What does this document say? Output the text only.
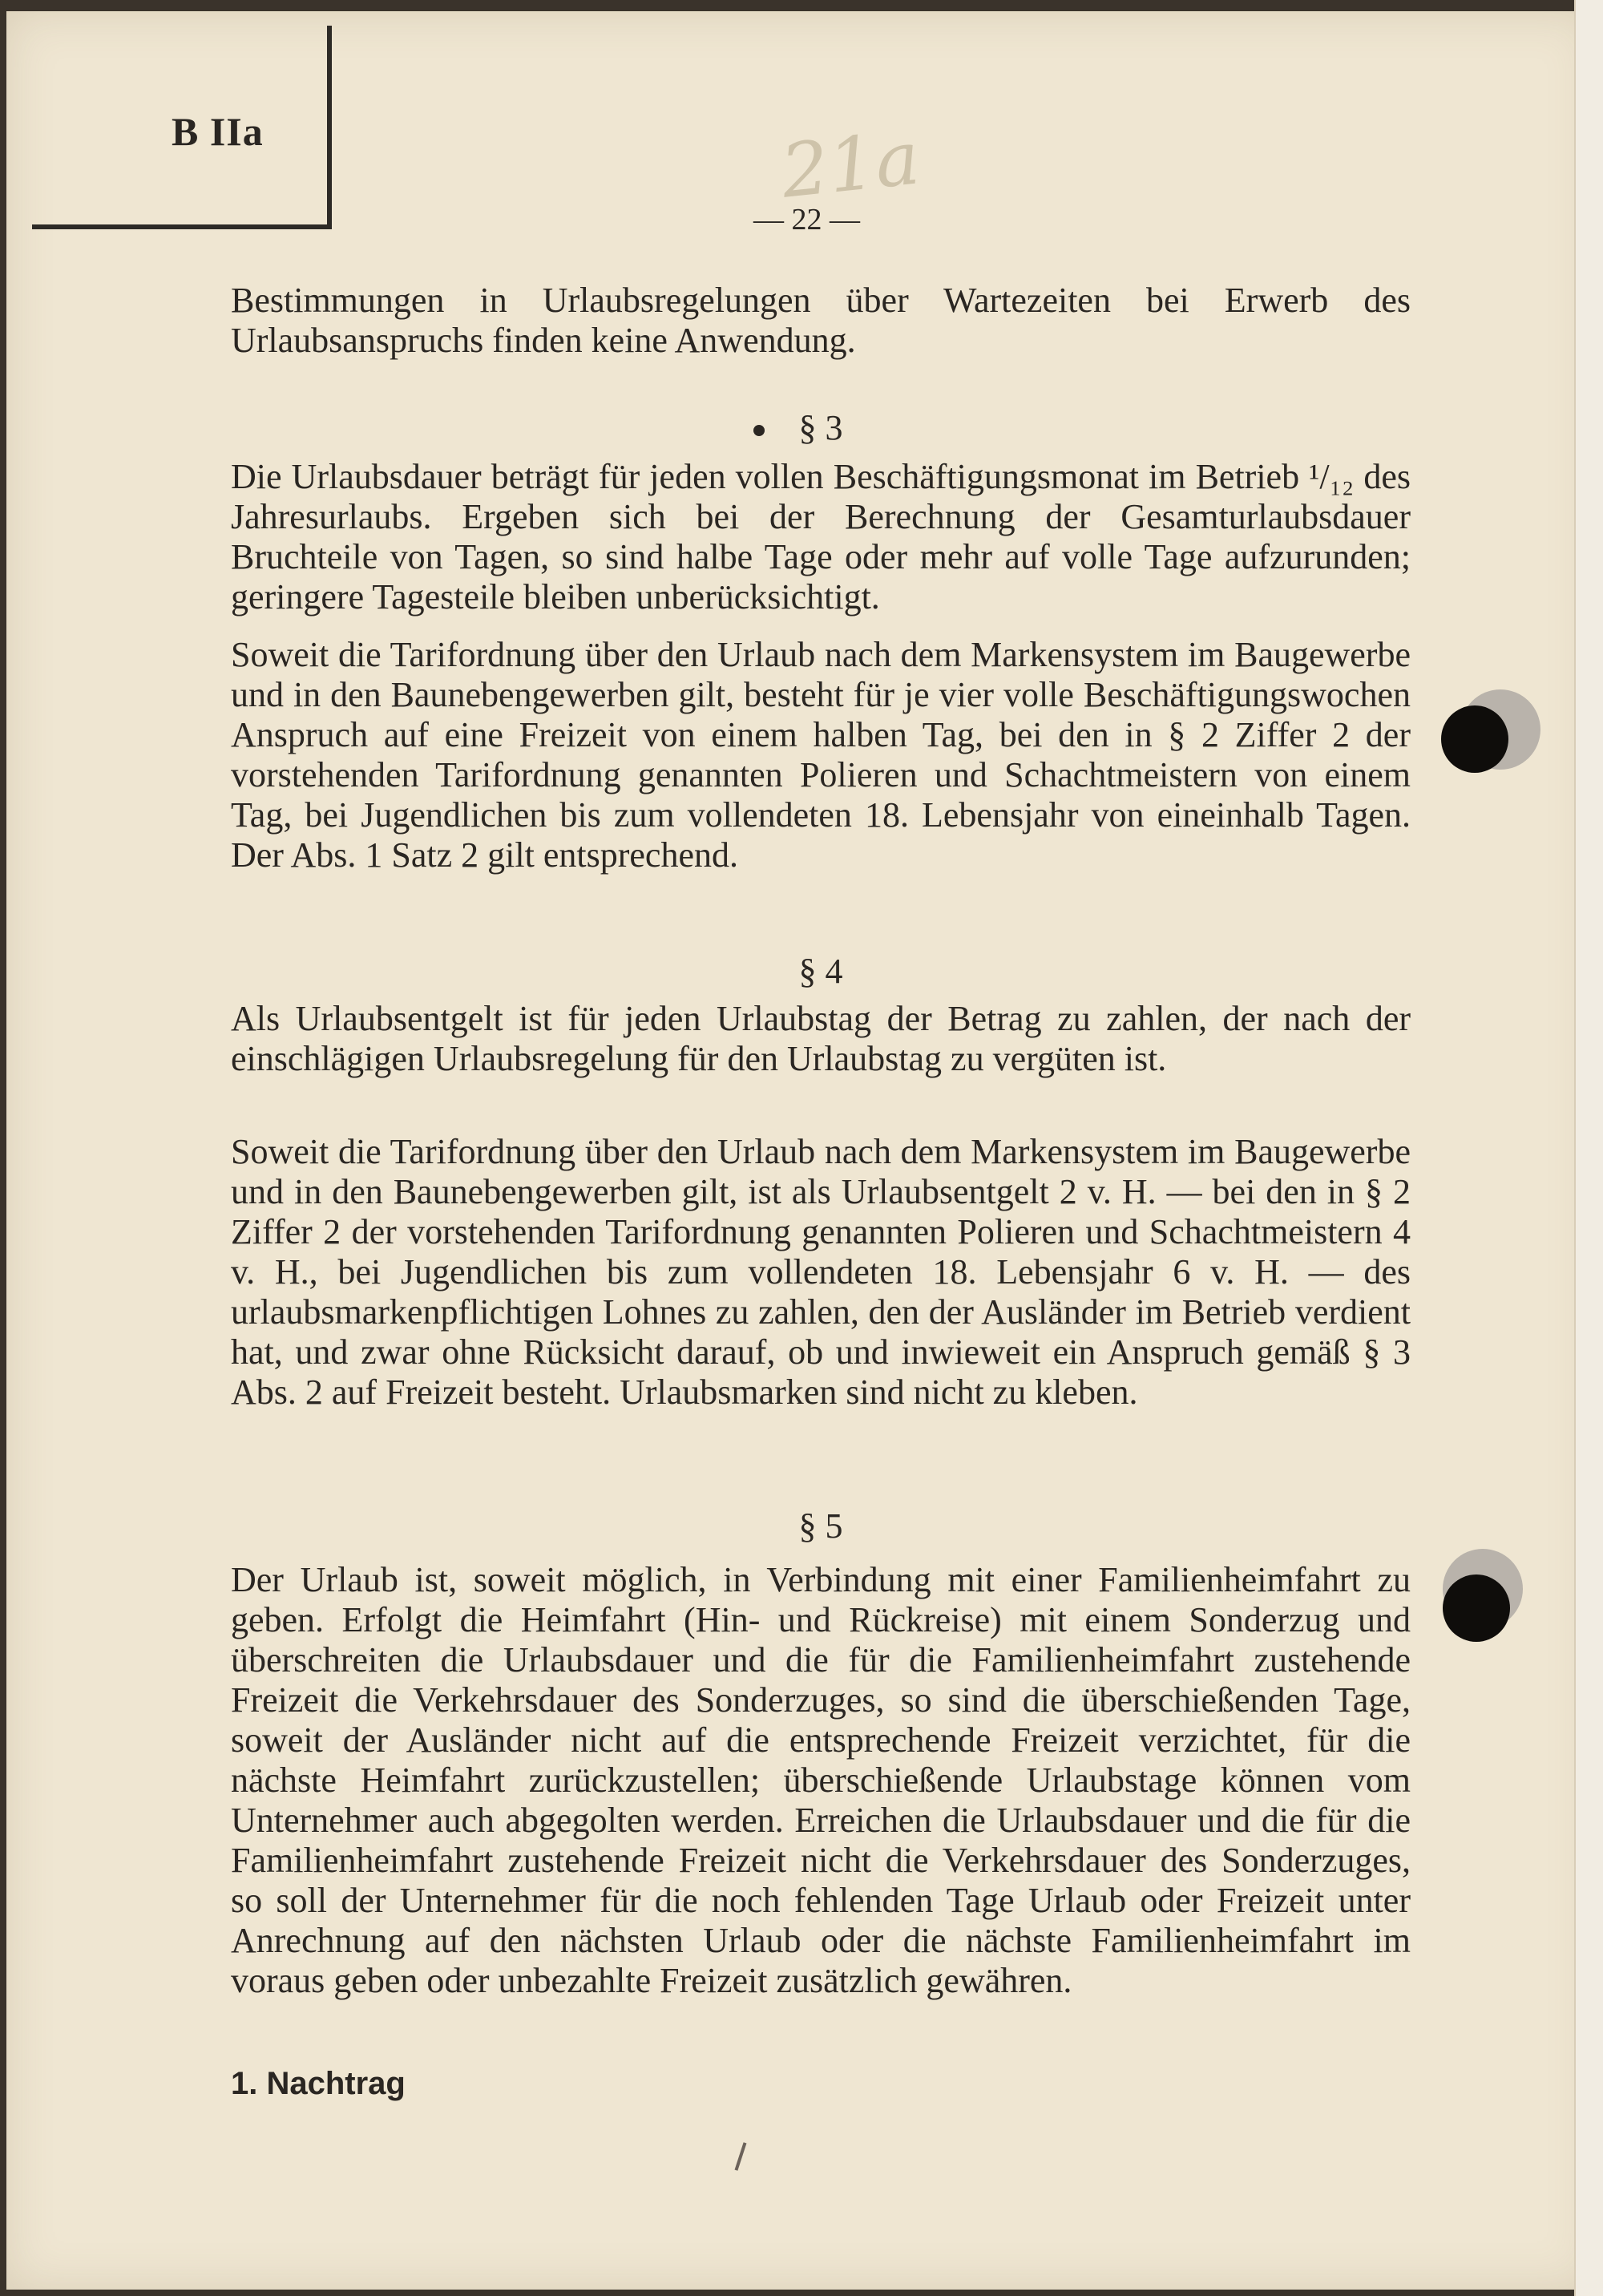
B IIa	21a
— 22 —
Bestimmungen in Urlaubsregelungen über Wartezeiten bei Erwerb des Urlaubsanspruchs finden keine Anwendung.
§ 3
Die Urlaubsdauer beträgt für jeden vollen Beschäftigungsmonat im Betrieb ¹/₁₂ des Jahresurlaubs. Ergeben sich bei der Berechnung der Gesamturlaubsdauer Bruchteile von Tagen, so sind halbe Tage oder mehr auf volle Tage aufzurunden; geringere Tagesteile bleiben unberücksichtigt.
Soweit die Tarifordnung über den Urlaub nach dem Markensystem im Baugewerbe und in den Baunebengewerben gilt, besteht für je vier volle Beschäftigungswochen Anspruch auf eine Freizeit von einem halben Tag, bei den in § 2 Ziffer 2 der vorstehenden Tarifordnung genannten Polieren und Schachtmeistern von einem Tag, bei Jugendlichen bis zum vollendeten 18. Lebensjahr von eineinhalb Tagen. Der Abs. 1 Satz 2 gilt entsprechend.
§ 4
Als Urlaubsentgelt ist für jeden Urlaubstag der Betrag zu zahlen, der nach der einschlägigen Urlaubsregelung für den Urlaubstag zu vergüten ist.
Soweit die Tarifordnung über den Urlaub nach dem Markensystem im Baugewerbe und in den Baunebengewerben gilt, ist als Urlaubsentgelt 2 v. H. — bei den in § 2 Ziffer 2 der vorstehenden Tarifordnung genannten Polieren und Schachtmeistern 4 v. H., bei Jugendlichen bis zum vollendeten 18. Lebensjahr 6 v. H. — des urlaubsmarkenpflichtigen Lohnes zu zahlen, den der Ausländer im Betrieb verdient hat, und zwar ohne Rücksicht darauf, ob und inwieweit ein Anspruch gemäß § 3 Abs. 2 auf Freizeit besteht. Urlaubsmarken sind nicht zu kleben.
§ 5
Der Urlaub ist, soweit möglich, in Verbindung mit einer Familienheimfahrt zu geben. Erfolgt die Heimfahrt (Hin- und Rückreise) mit einem Sonderzug und überschreiten die Urlaubsdauer und die für die Familienheimfahrt zustehende Freizeit die Verkehrsdauer des Sonderzuges, so sind die überschießenden Tage, soweit der Ausländer nicht auf die entsprechende Freizeit verzichtet, für die nächste Heimfahrt zurückzustellen; überschießende Urlaubstage können vom Unternehmer auch abgegolten werden. Erreichen die Urlaubsdauer und die für die Familienheimfahrt zustehende Freizeit nicht die Verkehrsdauer des Sonderzuges, so soll der Unternehmer für die noch fehlenden Tage Urlaub oder Freizeit unter Anrechnung auf den nächsten Urlaub oder die nächste Familienheimfahrt im voraus geben oder unbezahlte Freizeit zusätzlich gewähren.
1. Nachtrag
